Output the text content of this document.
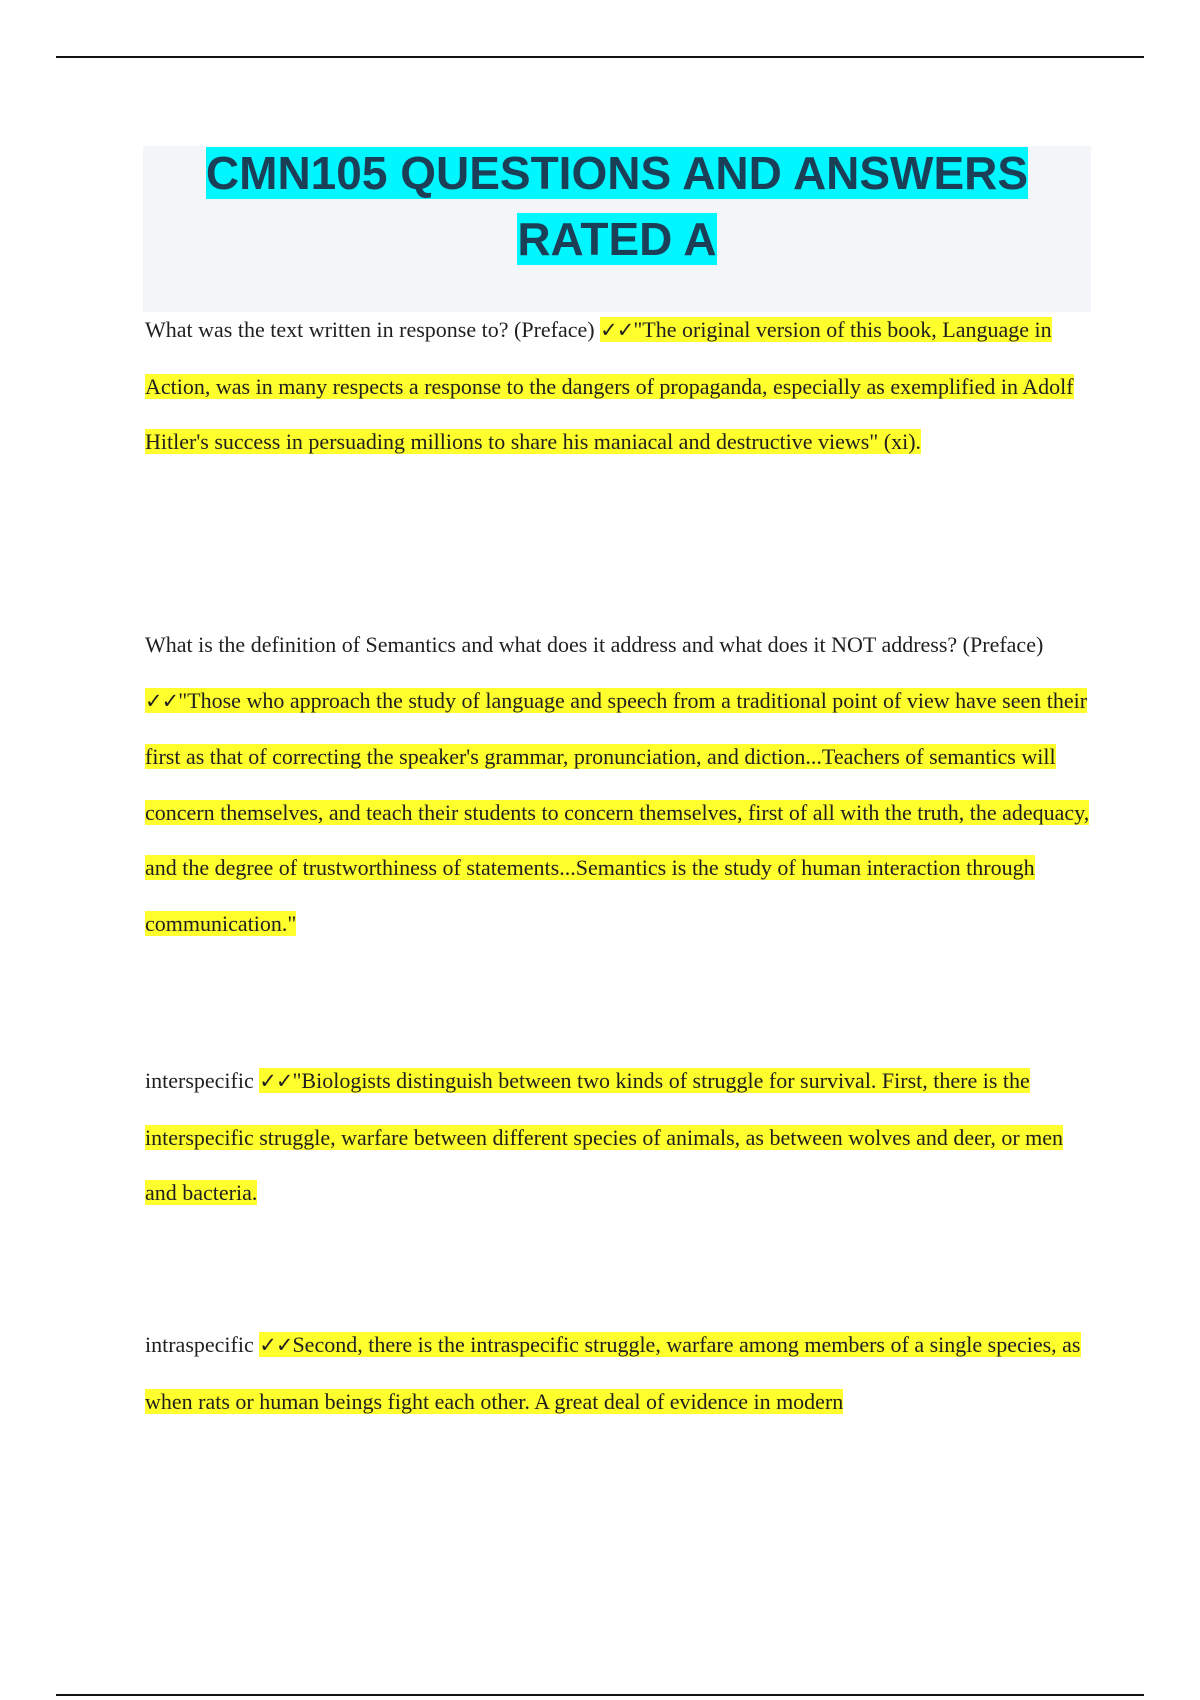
CMN105 QUESTIONS AND ANSWERS
RATED A
What was the text written in response to? (Preface) ✓✓"The original version of this book, Language in Action, was in many respects a response to the dangers of propaganda, especially as exemplified in Adolf Hitler's success in persuading millions to share his maniacal and destructive views" (xi).
What is the definition of Semantics and what does it address and what does it NOT address? (Preface) ✓✓"Those who approach the study of language and speech from a traditional point of view have seen their first as that of correcting the speaker's grammar, pronunciation, and diction...Teachers of semantics will concern themselves, and teach their students to concern themselves, first of all with the truth, the adequacy, and the degree of trustworthiness of statements...Semantics is the study of human interaction through communication."
interspecific ✓✓"Biologists distinguish between two kinds of struggle for survival. First, there is the interspecific struggle, warfare between different species of animals, as between wolves and deer, or men and bacteria.
intraspecific ✓✓Second, there is the intraspecific struggle, warfare among members of a single species, as when rats or human beings fight each other. A great deal of evidence in modern
